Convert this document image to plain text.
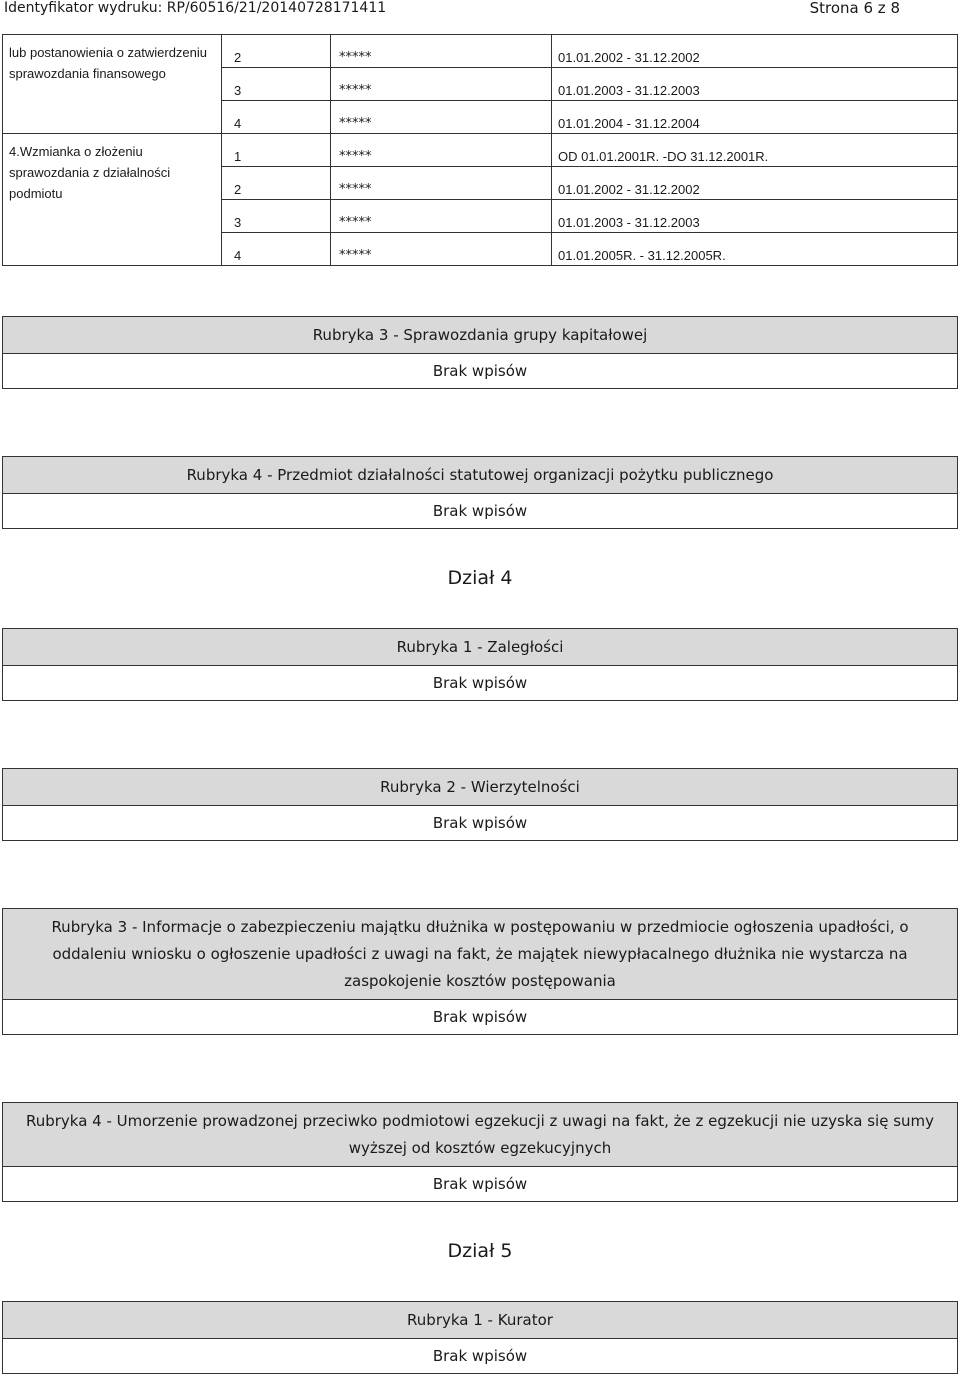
Identyfikator wydruku: RP/60516/21/20140728171411	Strona 6 z 8
lub postanowienia o zatwierdzeniu sprawozdania finansowego	
2	*****	01.01.2002 - 31.12.2002
3	*****	01.01.2003 - 31.12.2003
4	*****	01.01.2004 - 31.12.2004

4.Wzmianka o złożeniu sprawozdania z działalności podmiotu	
1	*****	OD 01.01.2001R. -DO 31.12.2001R.
2	*****	01.01.2002 - 31.12.2002
3	*****	01.01.2003 - 31.12.2003
4	*****	01.01.2005R. - 31.12.2005R.
Rubryka 3 - Sprawozdania grupy kapitałowej
Brak wpisów
Rubryka 4 - Przedmiot działalności statutowej organizacji pożytku publicznego
Brak wpisów
Dział 4
Rubryka 1 - Zaległości
Brak wpisów
Rubryka 2 - Wierzytelności
Brak wpisów
Rubryka 3 - Informacje o zabezpieczeniu majątku dłużnika w postępowaniu w przedmiocie ogłoszenia upadłości, o oddaleniu wniosku o ogłoszenie upadłości z uwagi na fakt, że majątek niewypłacalnego dłużnika nie wystarcza na zaspokojenie kosztów postępowania
Brak wpisów
Rubryka 4 - Umorzenie prowadzonej przeciwko podmiotowi egzekucji z uwagi na fakt, że z egzekucji nie uzyska się sumy wyższej od kosztów egzekucyjnych
Brak wpisów
Dział 5
Rubryka 1 - Kurator
Brak wpisów
